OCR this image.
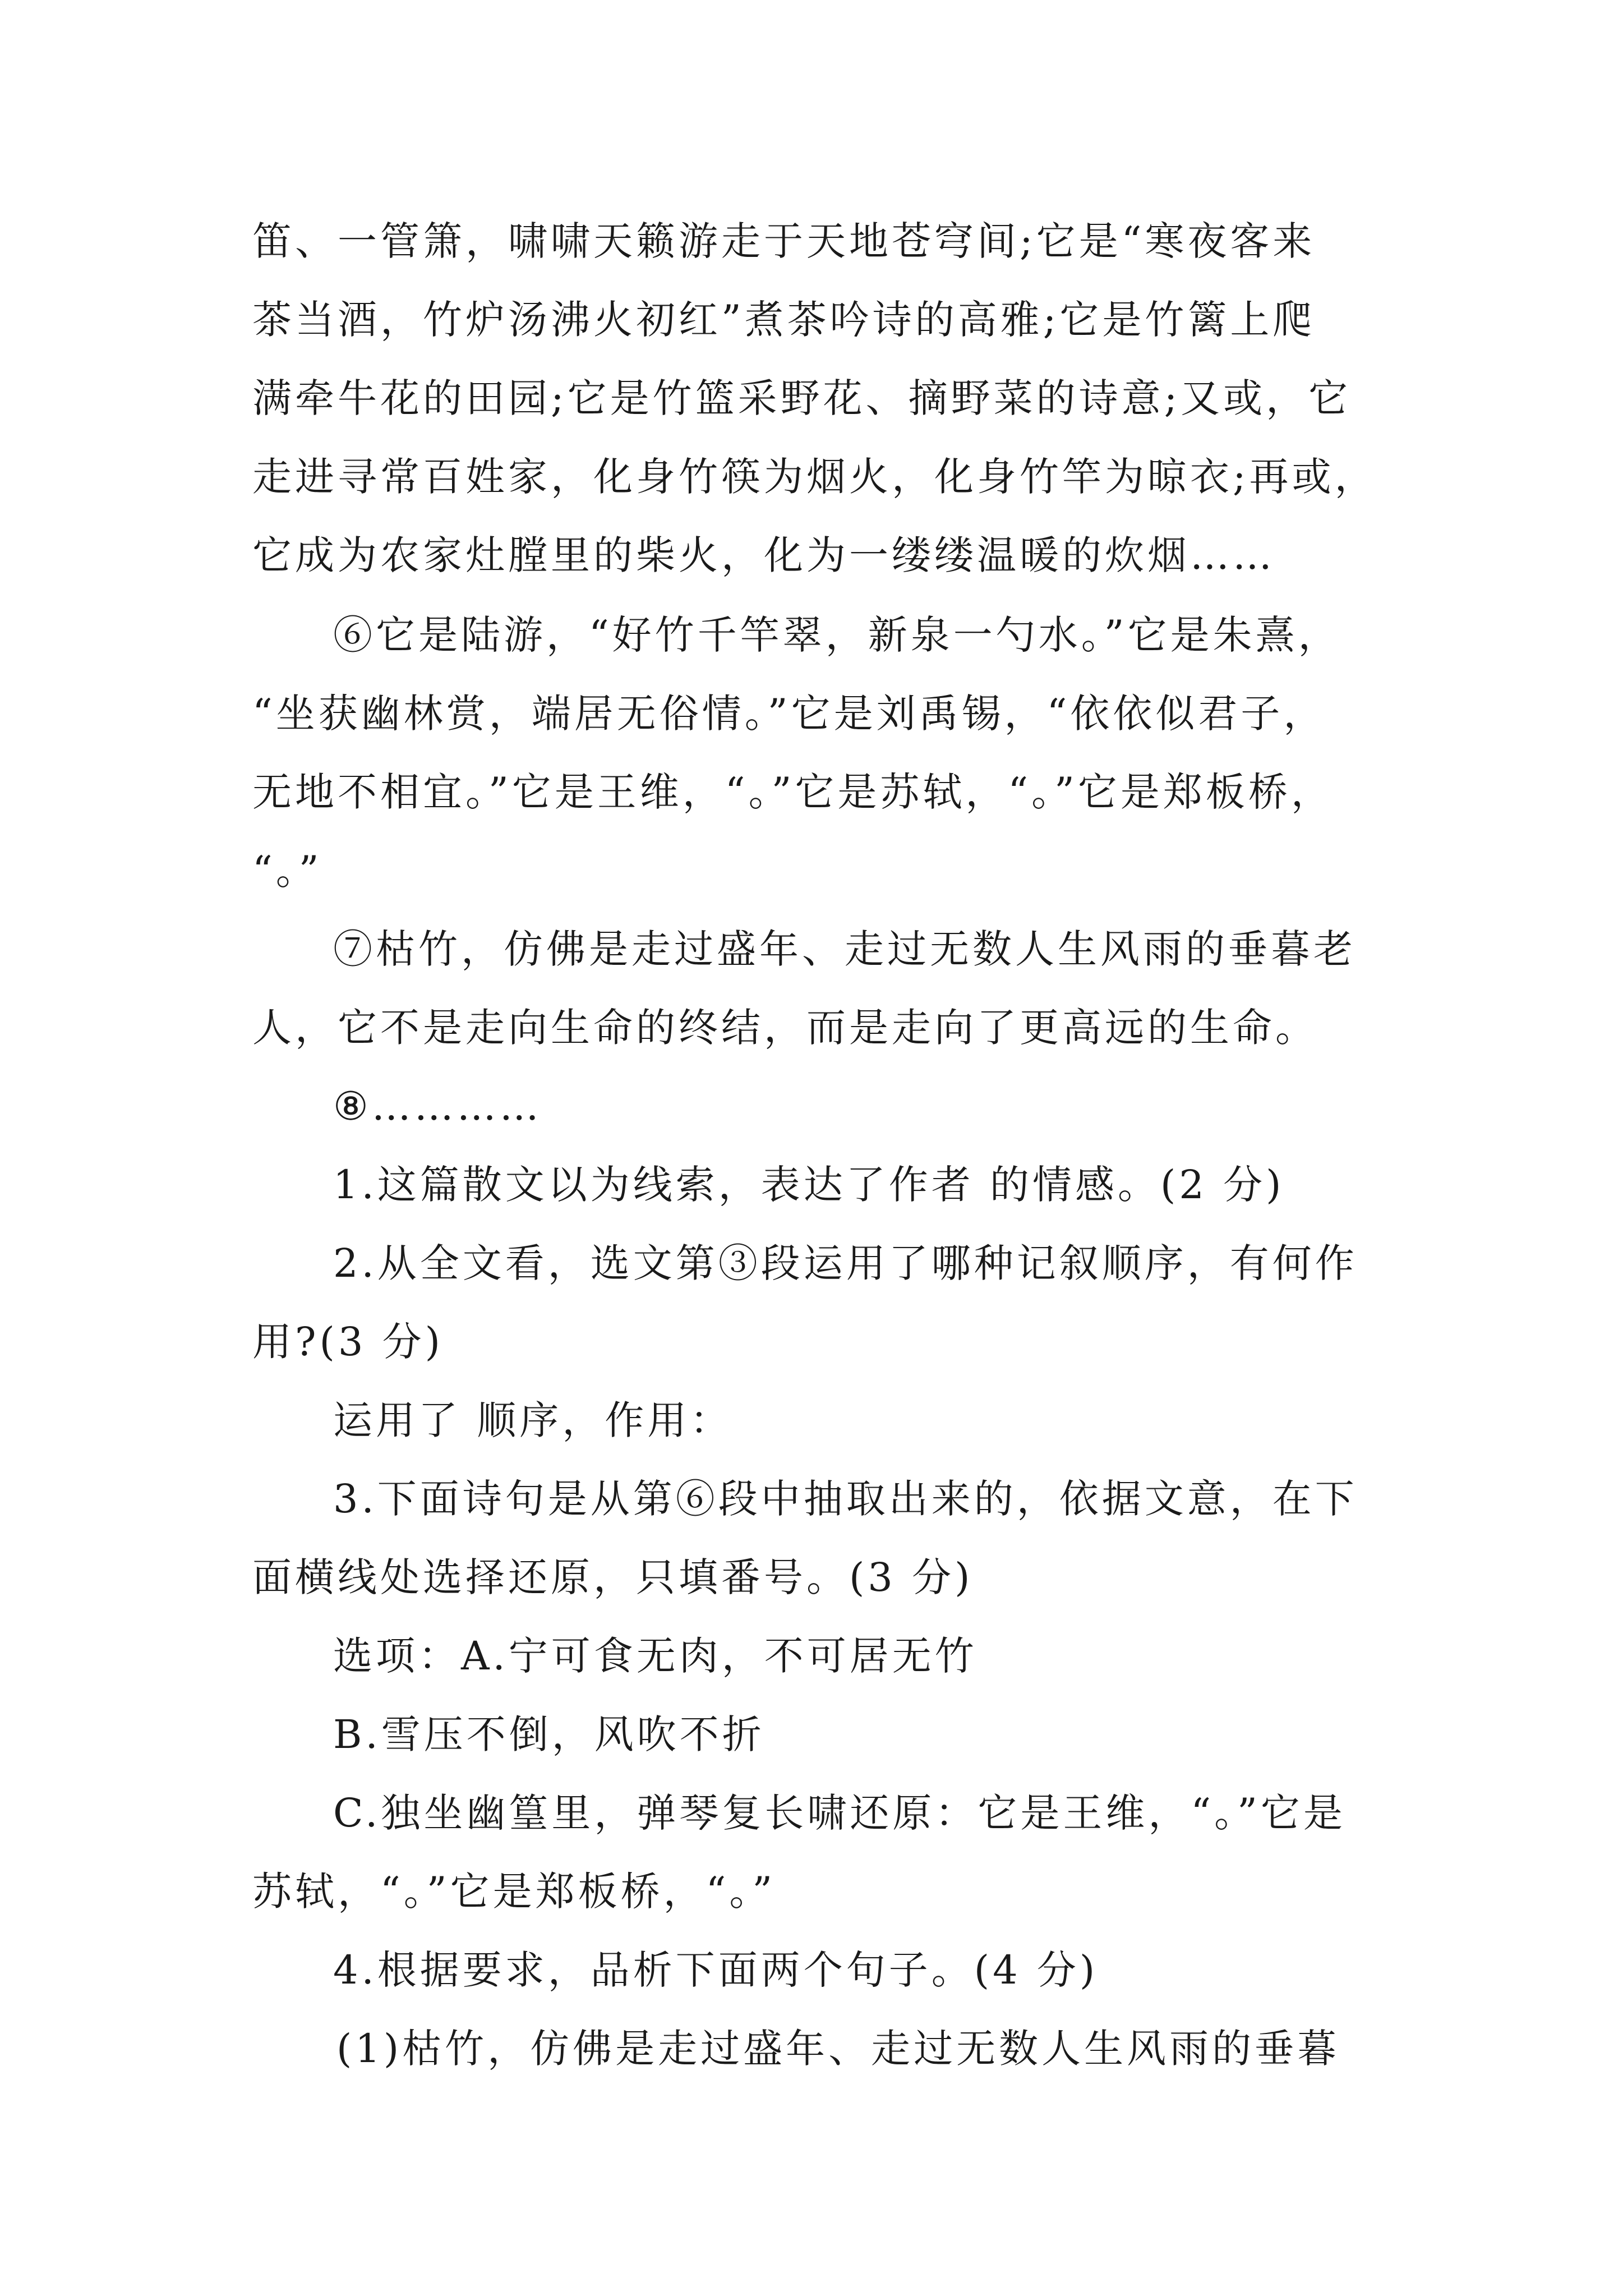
笛、一管箫，啸啸天籁游走于天地苍穹间;它是“寒夜客来
茶当酒，竹炉汤沸火初红”煮茶吟诗的高雅;它是竹篱上爬
满牵牛花的田园;它是竹篮采野花、摘野菜的诗意;又或，它
走进寻常百姓家，化身竹筷为烟火，化身竹竿为晾衣;再或，
它成为农家灶膛里的柴火，化为一缕缕温暖的炊烟……
⑥它是陆游，“好竹千竿翠，新泉一勺水。”它是朱熹，
“坐获幽林赏，端居无俗情。”它是刘禹锡，“依依似君子，
无地不相宜。”它是王维，“。”它是苏轼，“。”它是郑板桥，
“。”
⑦枯竹，仿佛是走过盛年、走过无数人生风雨的垂暮老
人，它不是走向生命的终结，而是走向了更高远的生命。
⑧…………
1.这篇散文以为线索，表达了作者 的情感。(2 分)
2.从全文看，选文第③段运用了哪种记叙顺序，有何作
用?(3 分)
运用了 顺序，作用：
3.下面诗句是从第⑥段中抽取出来的，依据文意，在下
面横线处选择还原，只填番号。(3 分)
选项：A.宁可食无肉，不可居无竹
B.雪压不倒，风吹不折
C.独坐幽篁里，弹琴复长啸还原：它是王维，“。”它是
苏轼，“。”它是郑板桥，“。”
4.根据要求，品析下面两个句子。(4 分)
(1)枯竹，仿佛是走过盛年、走过无数人生风雨的垂暮
